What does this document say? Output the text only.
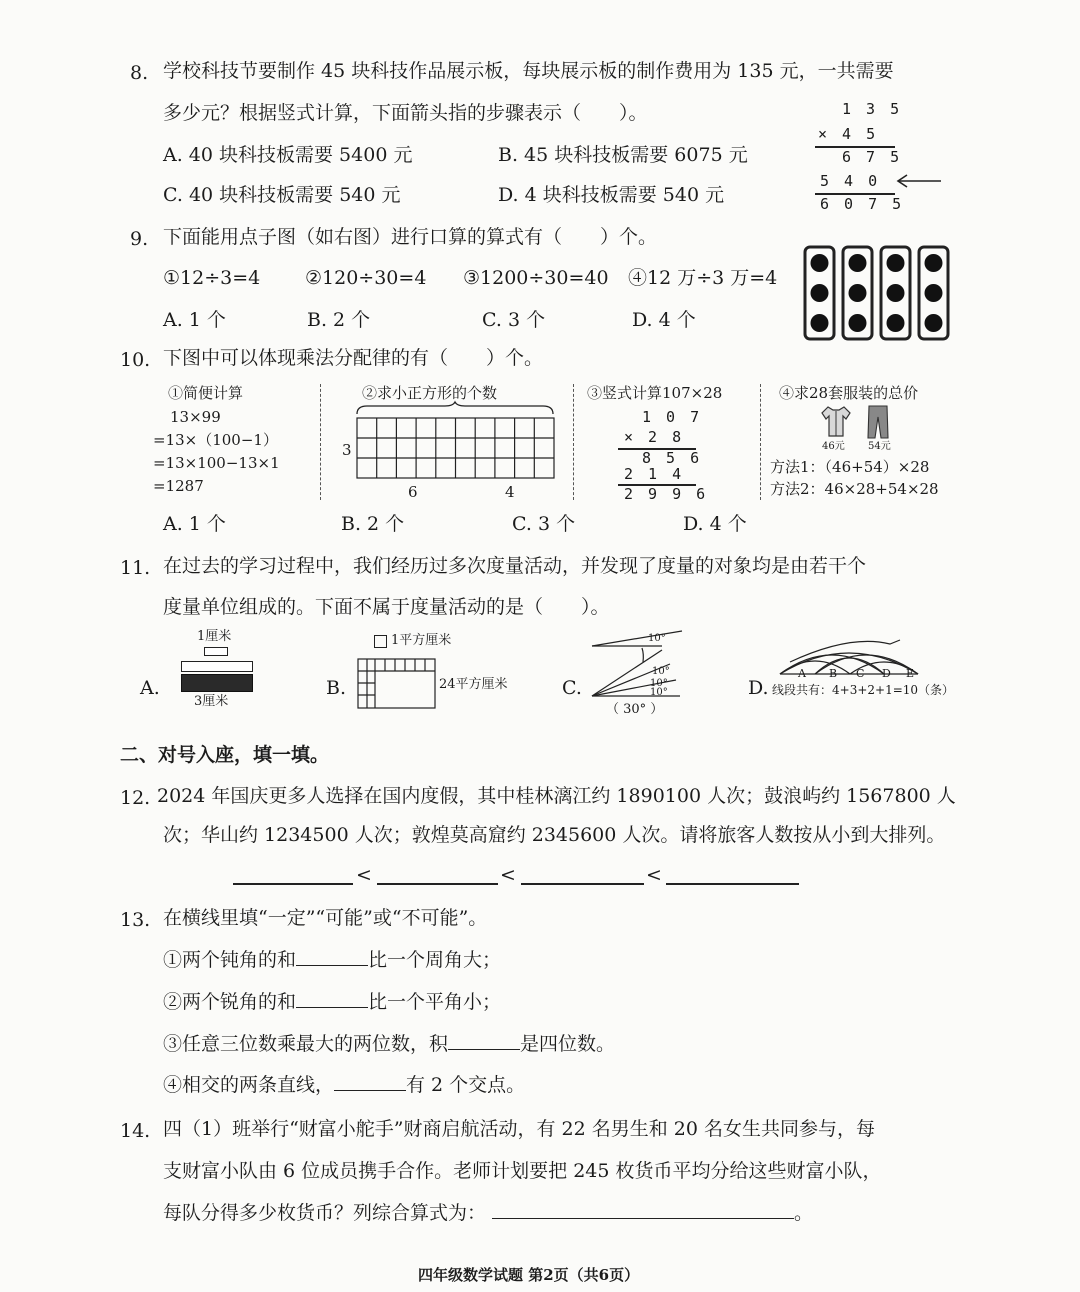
8. 学校科技节要制作 45 块科技作品展示板，每块展示板的制作费用为 135 元，一共需要
多少元？根据竖式计算，下面箭头指的步骤表示（　　）。
A. 40 块科技板需要 5400 元	B. 45 块科技板需要 6075 元
C. 40 块科技板需要 540 元	D. 4 块科技板需要 540 元
1 3 5
× 4 5
6 7 5
5 4 0
6 0 7 5
9. 下面能用点子图（如右图）进行口算的算式有（　　）个。
①12÷3=4 ②120÷30=4 ③1200÷30=40 ④12 万÷3 万=4
A. 1 个	B. 2 个	C. 3 个	D. 4 个
10. 下图中可以体现乘法分配律的有（　　）个。
①简便计算
13×99
=13×（100−1）
=13×100−13×1
=1287
②求小正方形的个数
3
6	4
③竖式计算107×28
1 0 7
× 2 8
8 5 6
2 1 4
2 9 9 6
④求28套服装的总价
46元 54元
方法1：（46+54）×28
方法2：46×28+54×28
A. 1 个	B. 2 个	C. 3 个	D. 4 个
11. 在过去的学习过程中，我们经历过多次度量活动，并发现了度量的对象均是由若干个
度量单位组成的。下面不属于度量活动的是（　　）。
A.
1厘米
3厘米
B.
1平方厘米
24平方厘米	C.
10°
10°
10°
10°
（ 30° ）
D.
A B C D E
线段共有：4+3+2+1=10（条）
二、对号入座，填一填。
12. 2024 年国庆更多人选择在国内度假，其中桂林漓江约 1890100 人次；鼓浪屿约 1567800 人
次；华山约 1234500 人次；敦煌莫高窟约 2345600 人次。请将旅客人数按从小到大排列。
<	<	<
13. 在横线里填“一定”“可能”或“不可能”。
①两个钝角的和	比一个周角大；
②两个锐角的和	比一个平角小；
③任意三位数乘最大的两位数，积	是四位数。
④相交的两条直线，	有 2 个交点。
14. 四（1）班举行“财富小舵手”财商启航活动，有 22 名男生和 20 名女生共同参与，每
支财富小队由 6 位成员携手合作。老师计划要把 245 枚货币平均分给这些财富小队，
每队分得多少枚货币？列综合算式为：	。
四年级数学试题 第2页（共6页）
